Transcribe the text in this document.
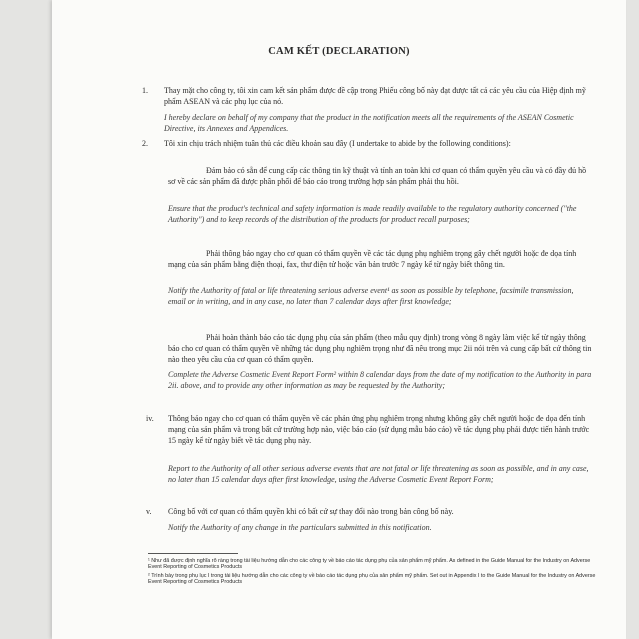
CAM KẾT (DECLARATION)
1. Thay mặt cho công ty, tôi xin cam kết sản phẩm được đề cập trong Phiếu công bố này đạt được tất cả các yêu cầu của Hiệp định mỹ phẩm ASEAN và các phụ lục của nó.
I hereby declare on behalf of my company that the product in the notification meets all the requirements of the ASEAN Cosmetic Directive, its Annexes and Appendices.
2. Tôi xin chịu trách nhiệm tuân thủ các điều khoản sau đây (I undertake to abide by the following conditions):
Đảm bảo có sẵn để cung cấp các thông tin kỹ thuật và tính an toàn khi cơ quan có thẩm quyền yêu cầu và có đầy đủ hồ sơ về các sản phẩm đã được phân phối để báo cáo trong trường hợp sản phẩm phải thu hồi.
Ensure that the product's technical and safety information is made readily available to the regulatory authority concerned ("the Authority") and to keep records of the distribution of the products for product recall purposes;
Phải thông báo ngay cho cơ quan có thẩm quyền về các tác dụng phụ nghiêm trọng gây chết người hoặc đe dọa tính mạng của sản phẩm bằng điện thoại, fax, thư điện tử hoặc văn bản trước 7 ngày kể từ ngày biết thông tin.
Notify the Authority of fatal or life threatening serious adverse event¹ as soon as possible by telephone, facsimile transmission, email or in writing, and in any case, no later than 7 calendar days after first knowledge;
Phải hoàn thành báo cáo tác dụng phụ của sản phẩm (theo mẫu quy định) trong vòng 8 ngày làm việc kể từ ngày thông báo cho cơ quan có thẩm quyền về những tác dụng phụ nghiêm trọng như đã nêu trong mục 2ii nói trên và cung cấp bất cứ thông tin nào theo yêu cầu của cơ quan có thẩm quyền.
Complete the Adverse Cosmetic Event Report Form² within 8 calendar days from the date of my notification to the Authority in para 2ii. above, and to provide any other information as may be requested by the Authority;
iv. Thông báo ngay cho cơ quan có thẩm quyền về các phản ứng phụ nghiêm trọng nhưng không gây chết người hoặc đe dọa đến tính mạng của sản phẩm và trong bất cứ trường hợp nào, việc báo cáo (sử dụng mẫu báo cáo) về tác dụng phụ phải được tiến hành trước 15 ngày kể từ ngày biết về tác dụng phụ này.
Report to the Authority of all other serious adverse events that are not fatal or life threatening as soon as possible, and in any case, no later than 15 calendar days after first knowledge, using the Adverse Cosmetic Event Report Form;
v. Công bố với cơ quan có thẩm quyền khi có bất cứ sự thay đổi nào trong bản công bố này.
Notify the Authority of any change in the particulars submitted in this notification.
¹ Như đã được định nghĩa rõ ràng trong tài liệu hướng dẫn cho các công ty về báo cáo tác dụng phụ của sản phẩm mỹ phẩm. As defined in the Guide Manual for the Industry on Adverse Event Reporting of Cosmetics Products
² Trình bày trong phụ lục I trong tài liệu hướng dẫn cho các công ty về báo cáo tác dụng phụ của sản phẩm mỹ phẩm. Set out in Appendix I to the Guide Manual for the Industry on Adverse Event Reporting of Cosmetics Products
